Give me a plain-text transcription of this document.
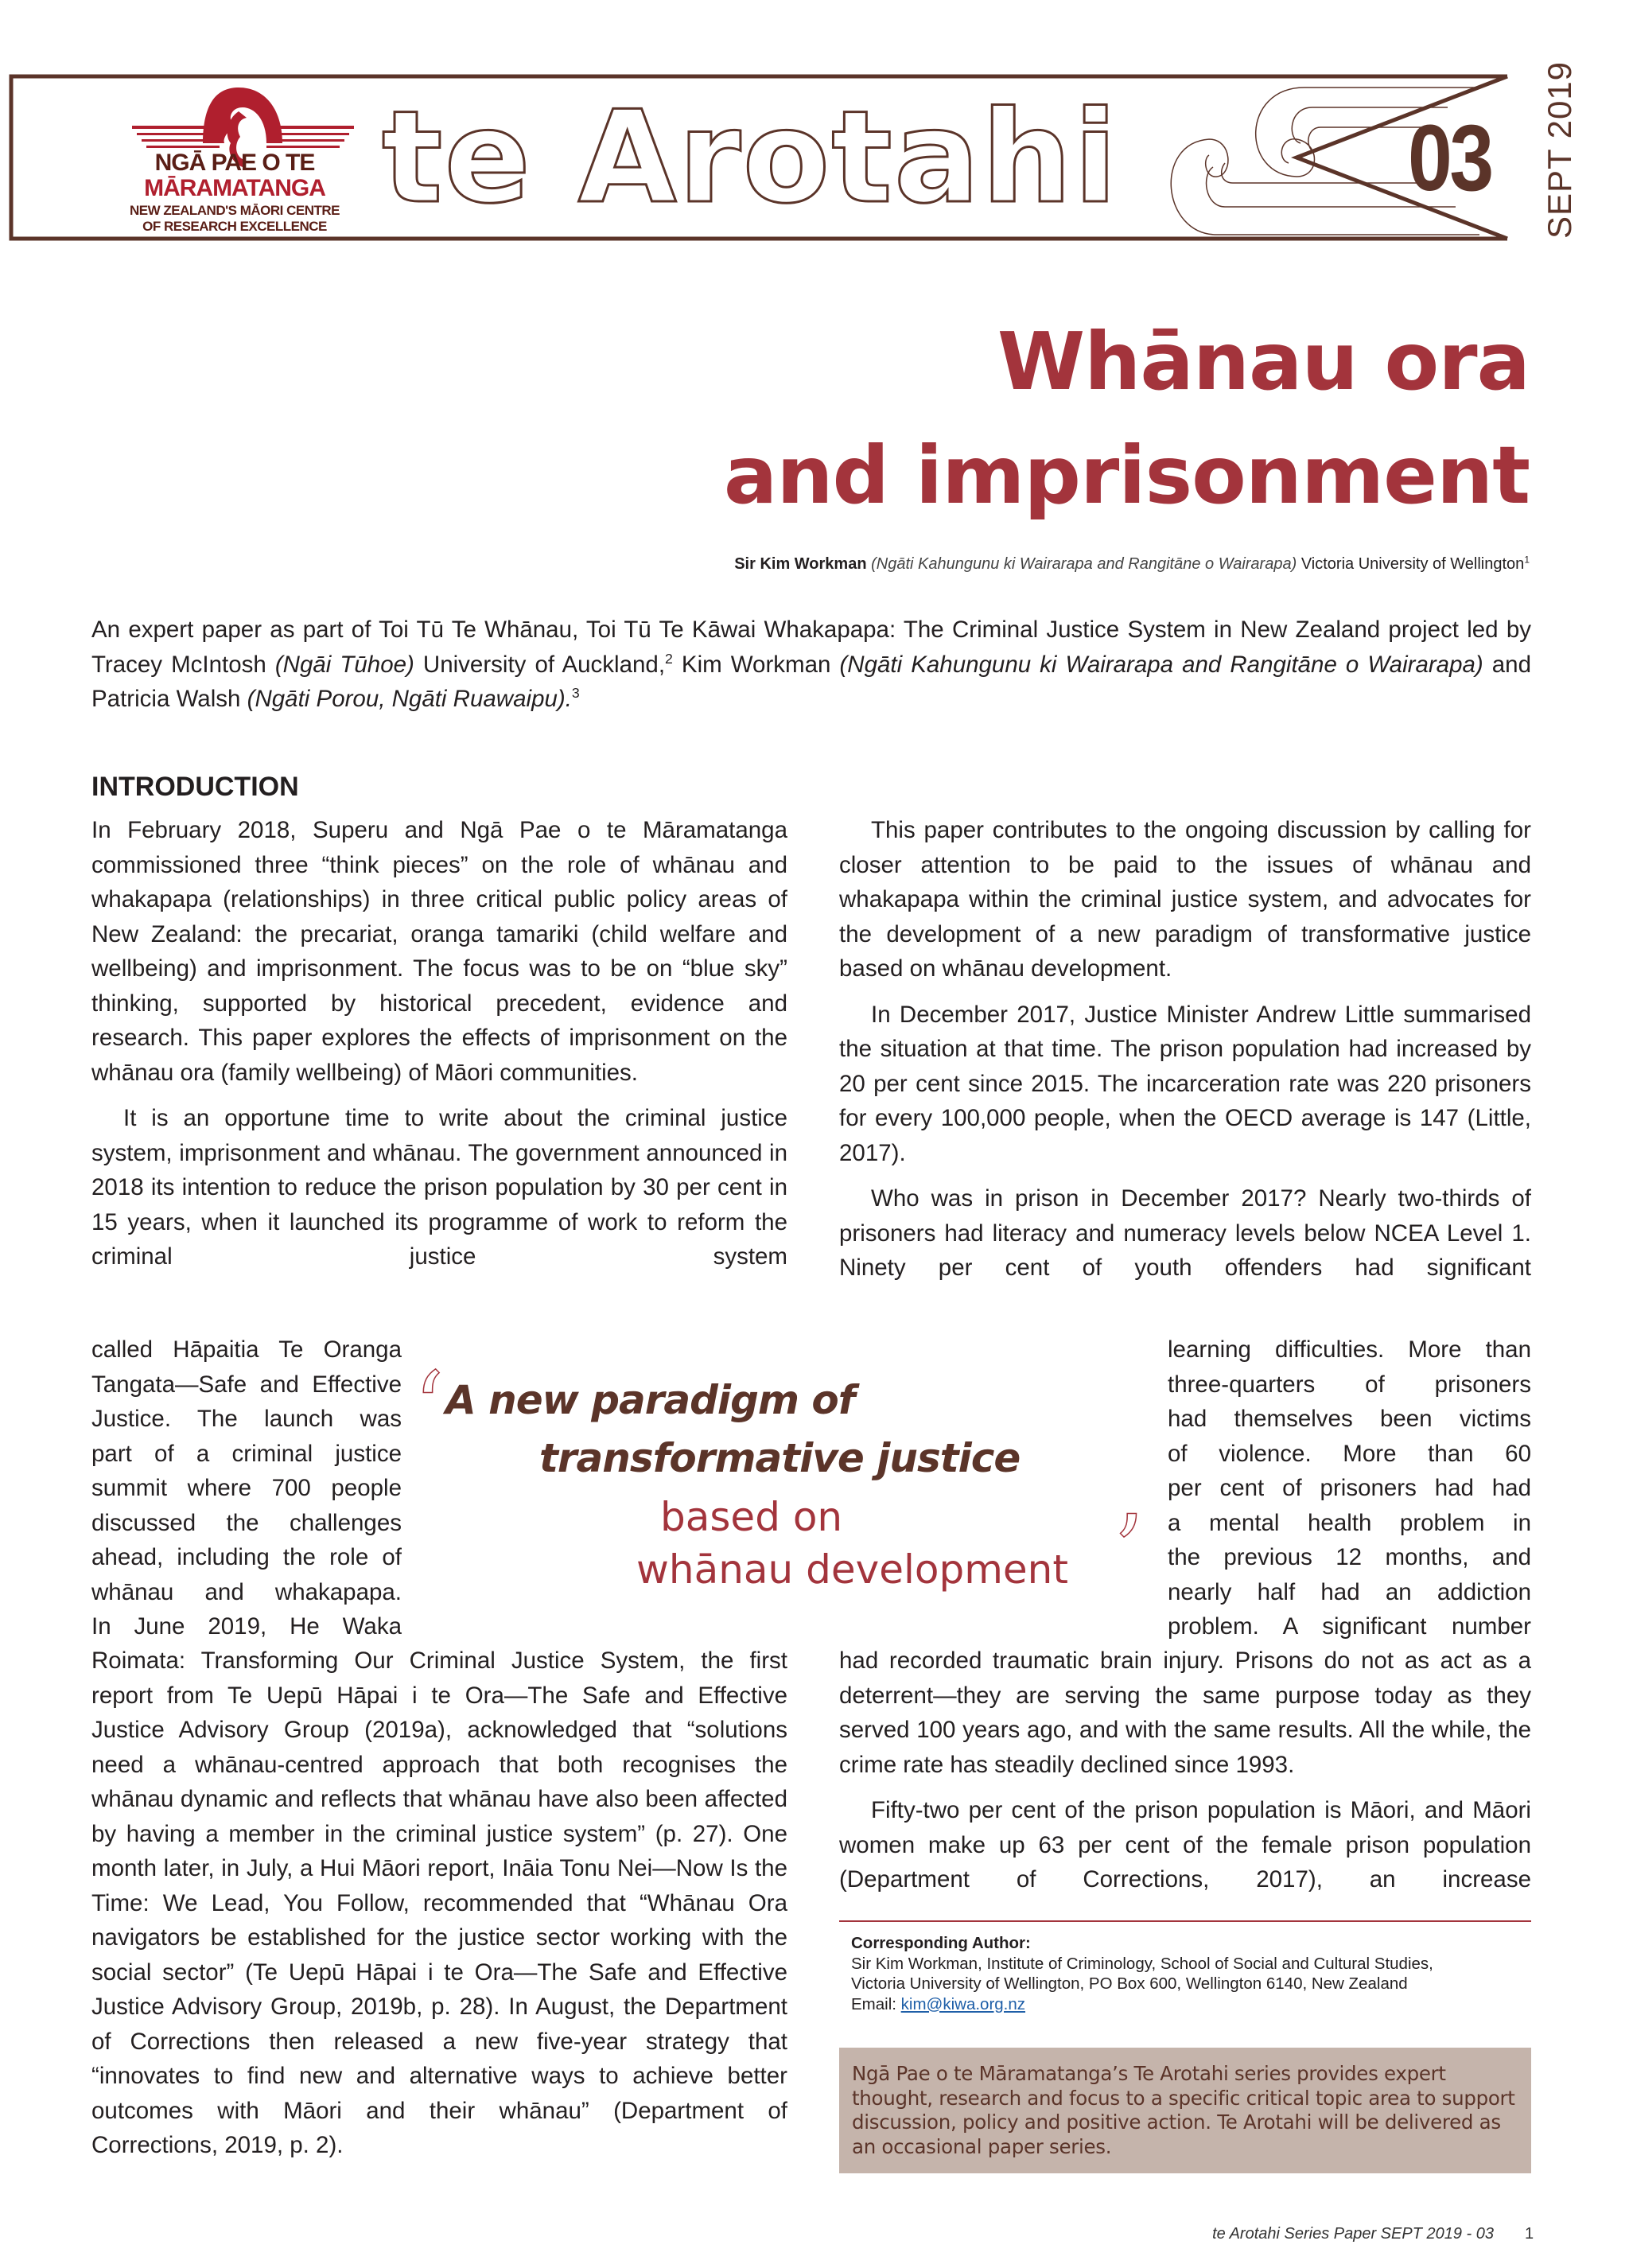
NGĀ PAE O TE
MĀRAMATANGA
NEW ZEALAND'S MĀORI CENTRE
OF RESEARCH EXCELLENCE te Arotahi	03 SEPT 2019
Whānau ora
and imprisonment
Sir Kim Workman (Ngāti Kahungunu ki Wairarapa and Rangitāne o Wairarapa) Victoria University of Wellington$^1$
An expert paper as part of Toi Tū Te Whānau, Toi Tū Te Kāwai Whakapapa: The Criminal Justice System in New Zealand project led by Tracey McIntosh (Ngāi Tūhoe) University of Auckland,$^2$ Kim Workman (Ngāti Kahungunu ki Wairarapa and Rangitāne o Wairarapa) and Patricia Walsh (Ngāti Porou, Ngāti Ruawaipu).$^3$
INTRODUCTION

In February 2018, Superu and Ngā Pae o te Māramatanga commissioned three “think pieces” on the role of whānau and whakapapa (relationships) in three critical public policy areas of New Zealand: the precariat, oranga tamariki (child welfare and wellbeing) and imprisonment. The focus was to be on “blue sky” thinking, supported by historical precedent, evidence and research. This paper explores the effects of imprisonment on the whānau ora (family wellbeing) of Māori communities.

It is an opportune time to write about the criminal justice system, imprisonment and whānau. The government announced in 2018 its intention to reduce the prison population by 30 per cent in 15 years, when it launched its programme of work to reform the criminal justice system

called Hāpaitia Te Oranga
Tangata—Safe and Effective
Justice. The launch was
part of a criminal justice
summit where 700 people
discussed the challenges
ahead, including the role of
whānau and whakapapa.
In June 2019, He Waka

Roimata: Transforming Our Criminal Justice System, the first report from Te Uepū Hāpai i te Ora—The Safe and Effective Justice Advisory Group (2019a), acknowledged that “solutions need a whānau-centred approach that both recognises the whānau dynamic and reflects that whānau have also been affected by having a member in the criminal justice system” (p. 27). One month later, in July, a Hui Māori report, Ināia Tonu Nei—Now Is the Time: We Lead, You Follow, recommended that “Whānau Ora navigators be established for the justice sector working with the social sector” (Te Uepū Hāpai i te Ora—The Safe and Effective Justice Advisory Group, 2019b, p. 28). In August, the Department of Corrections then released a new five-year strategy that “innovates to find new and alternative ways to achieve better outcomes with Māori and their whānau” (Department of Corrections, 2019, p. 2).

This paper contributes to the ongoing discussion by calling for closer attention to be paid to the issues of whānau and whakapapa within the criminal justice system, and advocates for the development of a new paradigm of transformative justice based on whānau development.

In December 2017, Justice Minister Andrew Little summarised the situation at that time. The prison population had increased by 20 per cent since 2015. The incarceration rate was 220 prisoners for every 100,000 people, when the OECD average is 147 (Little, 2017).

Who was in prison in December 2017? Nearly two-thirds of prisoners had literacy and numeracy levels below NCEA Level 1. Ninety per cent of youth offenders had significant

learning difficulties. More than
three-quarters of prisoners
had themselves been victims
of violence. More than 60
per cent of prisoners had had
a mental health problem in
the previous 12 months, and
nearly half had an addiction
problem. A significant number

had recorded traumatic brain injury. Prisons do not as act as a deterrent—they are serving the same purpose today as they served 100 years ago, and with the same results. All the while, the crime rate has steadily declined since 1993.

Fifty-two per cent of the prison population is Māori, and Māori women make up 63 per cent of the female prison population (Department of Corrections, 2017), an increase

‘ A new paradigm of
transformative justice
based on
whānau development ’
Corresponding Author:
Sir Kim Workman, Institute of Criminology, School of Social and Cultural Studies,
Victoria University of Wellington, PO Box 600, Wellington 6140, New Zealand
Email: kim@kiwa.org.nz
Ngā Pae o te Māramatanga’s Te Arotahi series provides expert thought, research and focus to a specific critical topic area to support discussion, policy and positive action. Te Arotahi will be delivered as an occasional paper series.
te Arotahi Series Paper SEPT 2019 - 03 1
